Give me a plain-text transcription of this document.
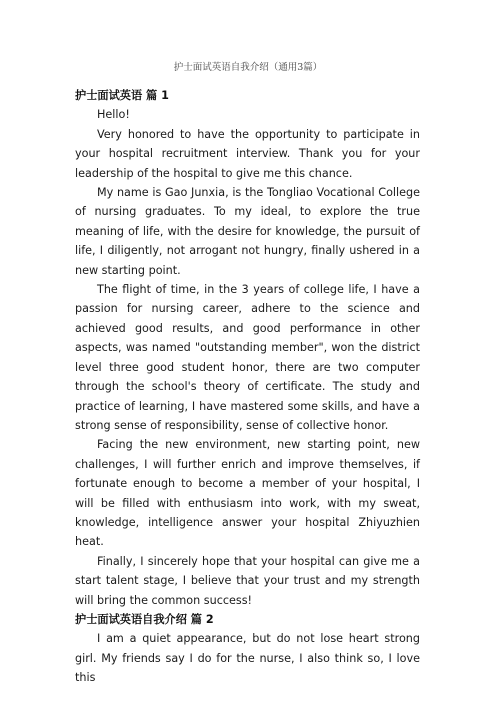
护士面试英语自我介绍（通用3篇）

护士面试英语 篇 1

Hello!

Very honored to have the opportunity to participate in your hospital recruitment interview. Thank you for your leadership of the hospital to give me this chance.

My name is Gao Junxia, is the Tongliao Vocational College of nursing graduates. To my ideal, to explore the true meaning of life, with the desire for knowledge, the pursuit of life, I diligently, not arrogant not hungry, finally ushered in a new starting point.

The flight of time, in the 3 years of college life, I have a passion for nursing career, adhere to the science and achieved good results, and good performance in other aspects, was named "outstanding member", won the district level three good student honor, there are two computer through the school's theory of certificate. The study and practice of learning, I have mastered some skills, and have a strong sense of responsibility, sense of collective honor.

Facing the new environment, new starting point, new challenges, I will further enrich and improve themselves, if fortunate enough to become a member of your hospital, I will be filled with enthusiasm into work, with my sweat, knowledge, intelligence answer your hospital Zhiyuzhien heat.

Finally, I sincerely hope that your hospital can give me a start talent stage, I believe that your trust and my strength will bring the common success!

护士面试英语自我介绍 篇 2

I am a quiet appearance, but do not lose heart strong girl. My friends say I do for the nurse, I also think so, I love this
